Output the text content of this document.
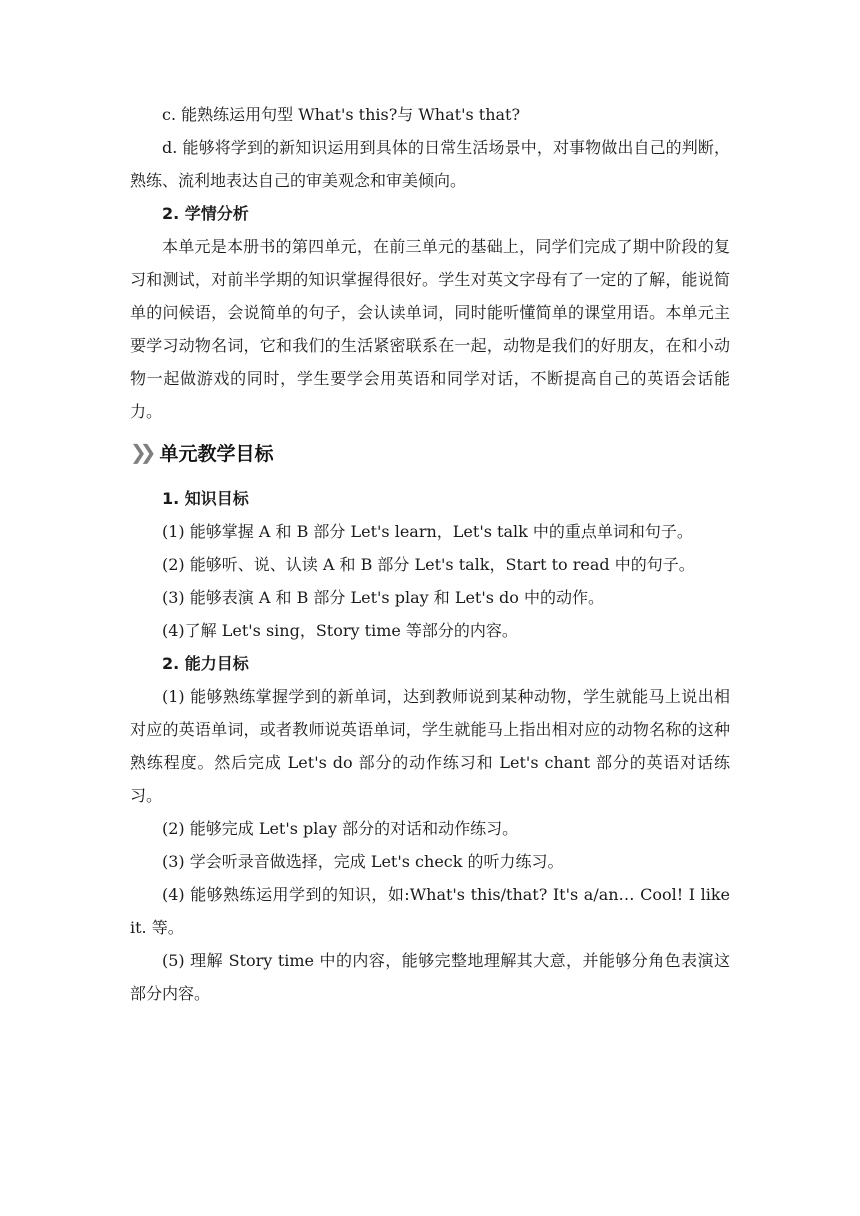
c. 能熟练运用句型 What's this?与 What's that?

d. 能够将学到的新知识运用到具体的日常生活场景中，对事物做出自己的判断，熟练、流利地表达自己的审美观念和审美倾向。

2. 学情分析

本单元是本册书的第四单元，在前三单元的基础上，同学们完成了期中阶段的复习和测试，对前半学期的知识掌握得很好。学生对英文字母有了一定的了解，能说简单的问候语，会说简单的句子，会认读单词，同时能听懂简单的课堂用语。本单元主要学习动物名词，它和我们的生活紧密联系在一起，动物是我们的好朋友，在和小动物一起做游戏的同时，学生要学会用英语和同学对话，不断提高自己的英语会话能力。

❯❯ 单元教学目标

1. 知识目标

(1) 能够掌握 A 和 B 部分 Let's learn，Let's talk 中的重点单词和句子。

(2) 能够听、说、认读 A 和 B 部分 Let's talk，Start to read 中的句子。

(3) 能够表演 A 和 B 部分 Let's play 和 Let's do 中的动作。

(4)了解 Let's sing，Story time 等部分的内容。

2. 能力目标

(1) 能够熟练掌握学到的新单词，达到教师说到某种动物，学生就能马上说出相对应的英语单词，或者教师说英语单词，学生就能马上指出相对应的动物名称的这种熟练程度。然后完成 Let's do 部分的动作练习和 Let's chant 部分的英语对话练习。

(2) 能够完成 Let's play 部分的对话和动作练习。

(3) 学会听录音做选择，完成 Let's check 的听力练习。

(4) 能够熟练运用学到的知识，如:What's this/that? It's a/an… Cool! I like it. 等。

(5) 理解 Story time 中的内容，能够完整地理解其大意，并能够分角色表演这部分内容。
